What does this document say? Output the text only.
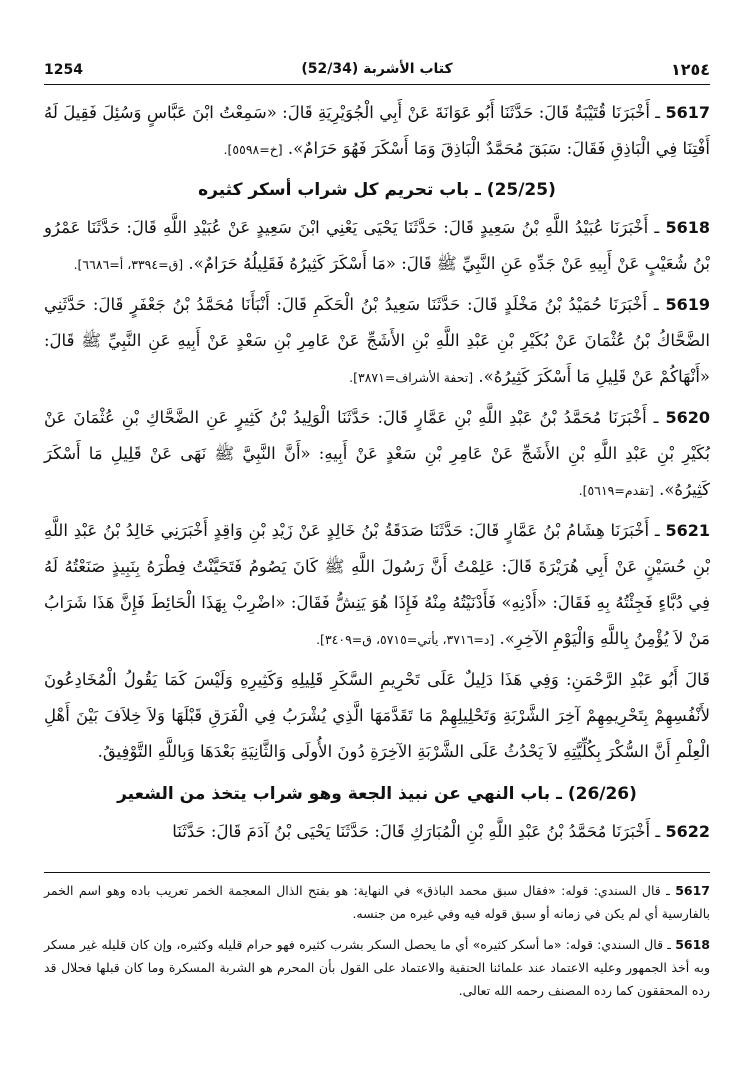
1254	كتاب الأشربة (52/34)	١٢٥٤

5617 ـ أَخْبَرَنَا قُتَيْبَةُ قَالَ: حَدَّثَنَا أَبُو عَوَانَةَ عَنْ أَبِي الْجُوَيْرِيَةِ قَالَ: «سَمِعْتُ ابْنَ عَبَّاسٍ وَسُئِلَ فَقِيلَ لَهُ أَفْتِنَا فِي الْبَاذِقِ فَقَالَ: سَبَقَ مُحَمَّدٌ الْبَاذِقَ وَمَا أَسْكَرَ فَهُوَ حَرَامٌ». [خ=٥٥٩٨].

(25/25) ـ باب تحريم كل شراب أسكر كثيره

5618 ـ أَخْبَرَنَا عُبَيْدُ اللَّهِ بْنُ سَعِيدٍ قَالَ: حَدَّثَنَا يَحْيَى يَعْنِي ابْنَ سَعِيدٍ عَنْ عُبَيْدِ اللَّهِ قَالَ: حَدَّثَنَا عَمْرُو بْنُ شُعَيْبٍ عَنْ أَبِيهِ عَنْ جَدِّهِ عَنِ النَّبِيِّ ﷺ قَالَ: «مَا أَسْكَرَ كَثِيرُهُ فَقَلِيلُهُ حَرَامٌ». [ق=٣٣٩٤، أ=٦٦٨٦].

5619 ـ أَخْبَرَنَا حُمَيْدُ بْنُ مَخْلَدٍ قَالَ: حَدَّثَنَا سَعِيدُ بْنُ الْحَكَمِ قَالَ: أَنْبَأَنَا مُحَمَّدُ بْنُ جَعْفَرٍ قَالَ: حَدَّثَنِي الضَّحَّاكُ بْنُ عُثْمَانَ عَنْ بُكَيْرِ بْنِ عَبْدِ اللَّهِ بْنِ الأَشَجِّ عَنْ عَامِرِ بْنِ سَعْدٍ عَنْ أَبِيهِ عَنِ النَّبِيِّ ﷺ قَالَ: «أَنْهَاكُمْ عَنْ قَلِيلِ مَا أَسْكَرَ كَثِيرُهُ». [تحفة الأشراف=٣٨٧١].

5620 ـ أَخْبَرَنَا مُحَمَّدُ بْنُ عَبْدِ اللَّهِ بْنِ عَمَّارٍ قَالَ: حَدَّثَنَا الْوَلِيدُ بْنُ كَثِيرٍ عَنِ الضَّحَّاكِ بْنِ عُثْمَانَ عَنْ بُكَيْرِ بْنِ عَبْدِ اللَّهِ بْنِ الأَشَجِّ عَنْ عَامِرِ بْنِ سَعْدٍ عَنْ أَبِيهِ: «أَنَّ النَّبِيَّ ﷺ نَهَى عَنْ قَلِيلِ مَا أَسْكَرَ كَثِيرُهُ». [تقدم=٥٦١٩].

5621 ـ أَخْبَرَنَا هِشَامُ بْنُ عَمَّارٍ قَالَ: حَدَّثَنَا صَدَقَةُ بْنُ خَالِدٍ عَنْ زَيْدِ بْنِ وَاقِدٍ أَخْبَرَنِي خَالِدُ بْنُ عَبْدِ اللَّهِ بْنِ حُسَيْنٍ عَنْ أَبِي هُرَيْرَةَ قَالَ: عَلِمْتُ أَنَّ رَسُولَ اللَّهِ ﷺ كَانَ يَصُومُ فَتَحَيَّنْتُ فِطْرَهُ بِنَبِيذٍ صَنَعْتُهُ لَهُ فِي دُبَّاءٍ فَجِئْتُهُ بِهِ فَقَالَ: «أَدْنِهِ» فَأَدْنَيْتُهُ مِنْهُ فَإِذَا هُوَ يَنِشُّ فَقَالَ: «اضْرِبْ بِهَذَا الْحَائِطَ فَإِنَّ هَذَا شَرَابُ مَنْ لاَ يُؤْمِنُ بِاللَّهِ وَالْيَوْمِ الآخِرِ». [د=٣٧١٦، يأتي=٥٧١٥، ق=٣٤٠٩].

قَالَ أَبُو عَبْدِ الرَّحْمَنِ: وَفِي هَذَا دَلِيلٌ عَلَى تَحْرِيمِ السَّكَرِ قَلِيلِهِ وَكَثِيرِهِ وَلَيْسَ كَمَا يَقُولُ الْمُخَادِعُونَ لأَنْفُسِهِمْ بِتَحْرِيمِهِمْ آخِرَ الشَّرْبَةِ وَتَحْلِيلِهِمْ مَا تَقَدَّمَهَا الَّذِي يُشْرَبُ فِي الْفَرَقِ قَبْلَهَا وَلاَ خِلاَفَ بَيْنَ أَهْلِ الْعِلْمِ أَنَّ السُّكْرَ بِكُلِّيَّتِهِ لاَ يَحْدُثُ عَلَى الشَّرْبَةِ الآخِرَةِ دُونَ الأُولَى وَالثَّانِيَةِ بَعْدَهَا وَبِاللَّهِ التَّوْفِيقُ.

(26/26) ـ باب النهي عن نبيذ الجعة وهو شراب يتخذ من الشعير

5622 ـ أَخْبَرَنَا مُحَمَّدُ بْنُ عَبْدِ اللَّهِ بْنِ الْمُبَارَكِ قَالَ: حَدَّثَنَا يَحْيَى بْنُ آدَمَ قَالَ: حَدَّثَنَا

5617 ـ قال السندي: قوله: «فقال سبق محمد الباذق» في النهاية: هو بفتح الذال المعجمة الخمر تعريب باده وهو اسم الخمر بالفارسية أي لم يكن في زمانه أو سبق قوله فيه وفي غيره من جنسه.

5618 ـ قال السندي: قوله: «ما أسكر كثيره» أي ما يحصل السكر بشرب كثيره فهو حرام قليله وكثيره، وإن كان قليله غير مسكر وبه أخذ الجمهور وعليه الاعتماد عند علمائنا الحنفية والاعتماد على القول بأن المحرم هو الشربة المسكرة وما كان قبلها فحلال قد رده المحققون كما رده المصنف رحمه الله تعالى.
